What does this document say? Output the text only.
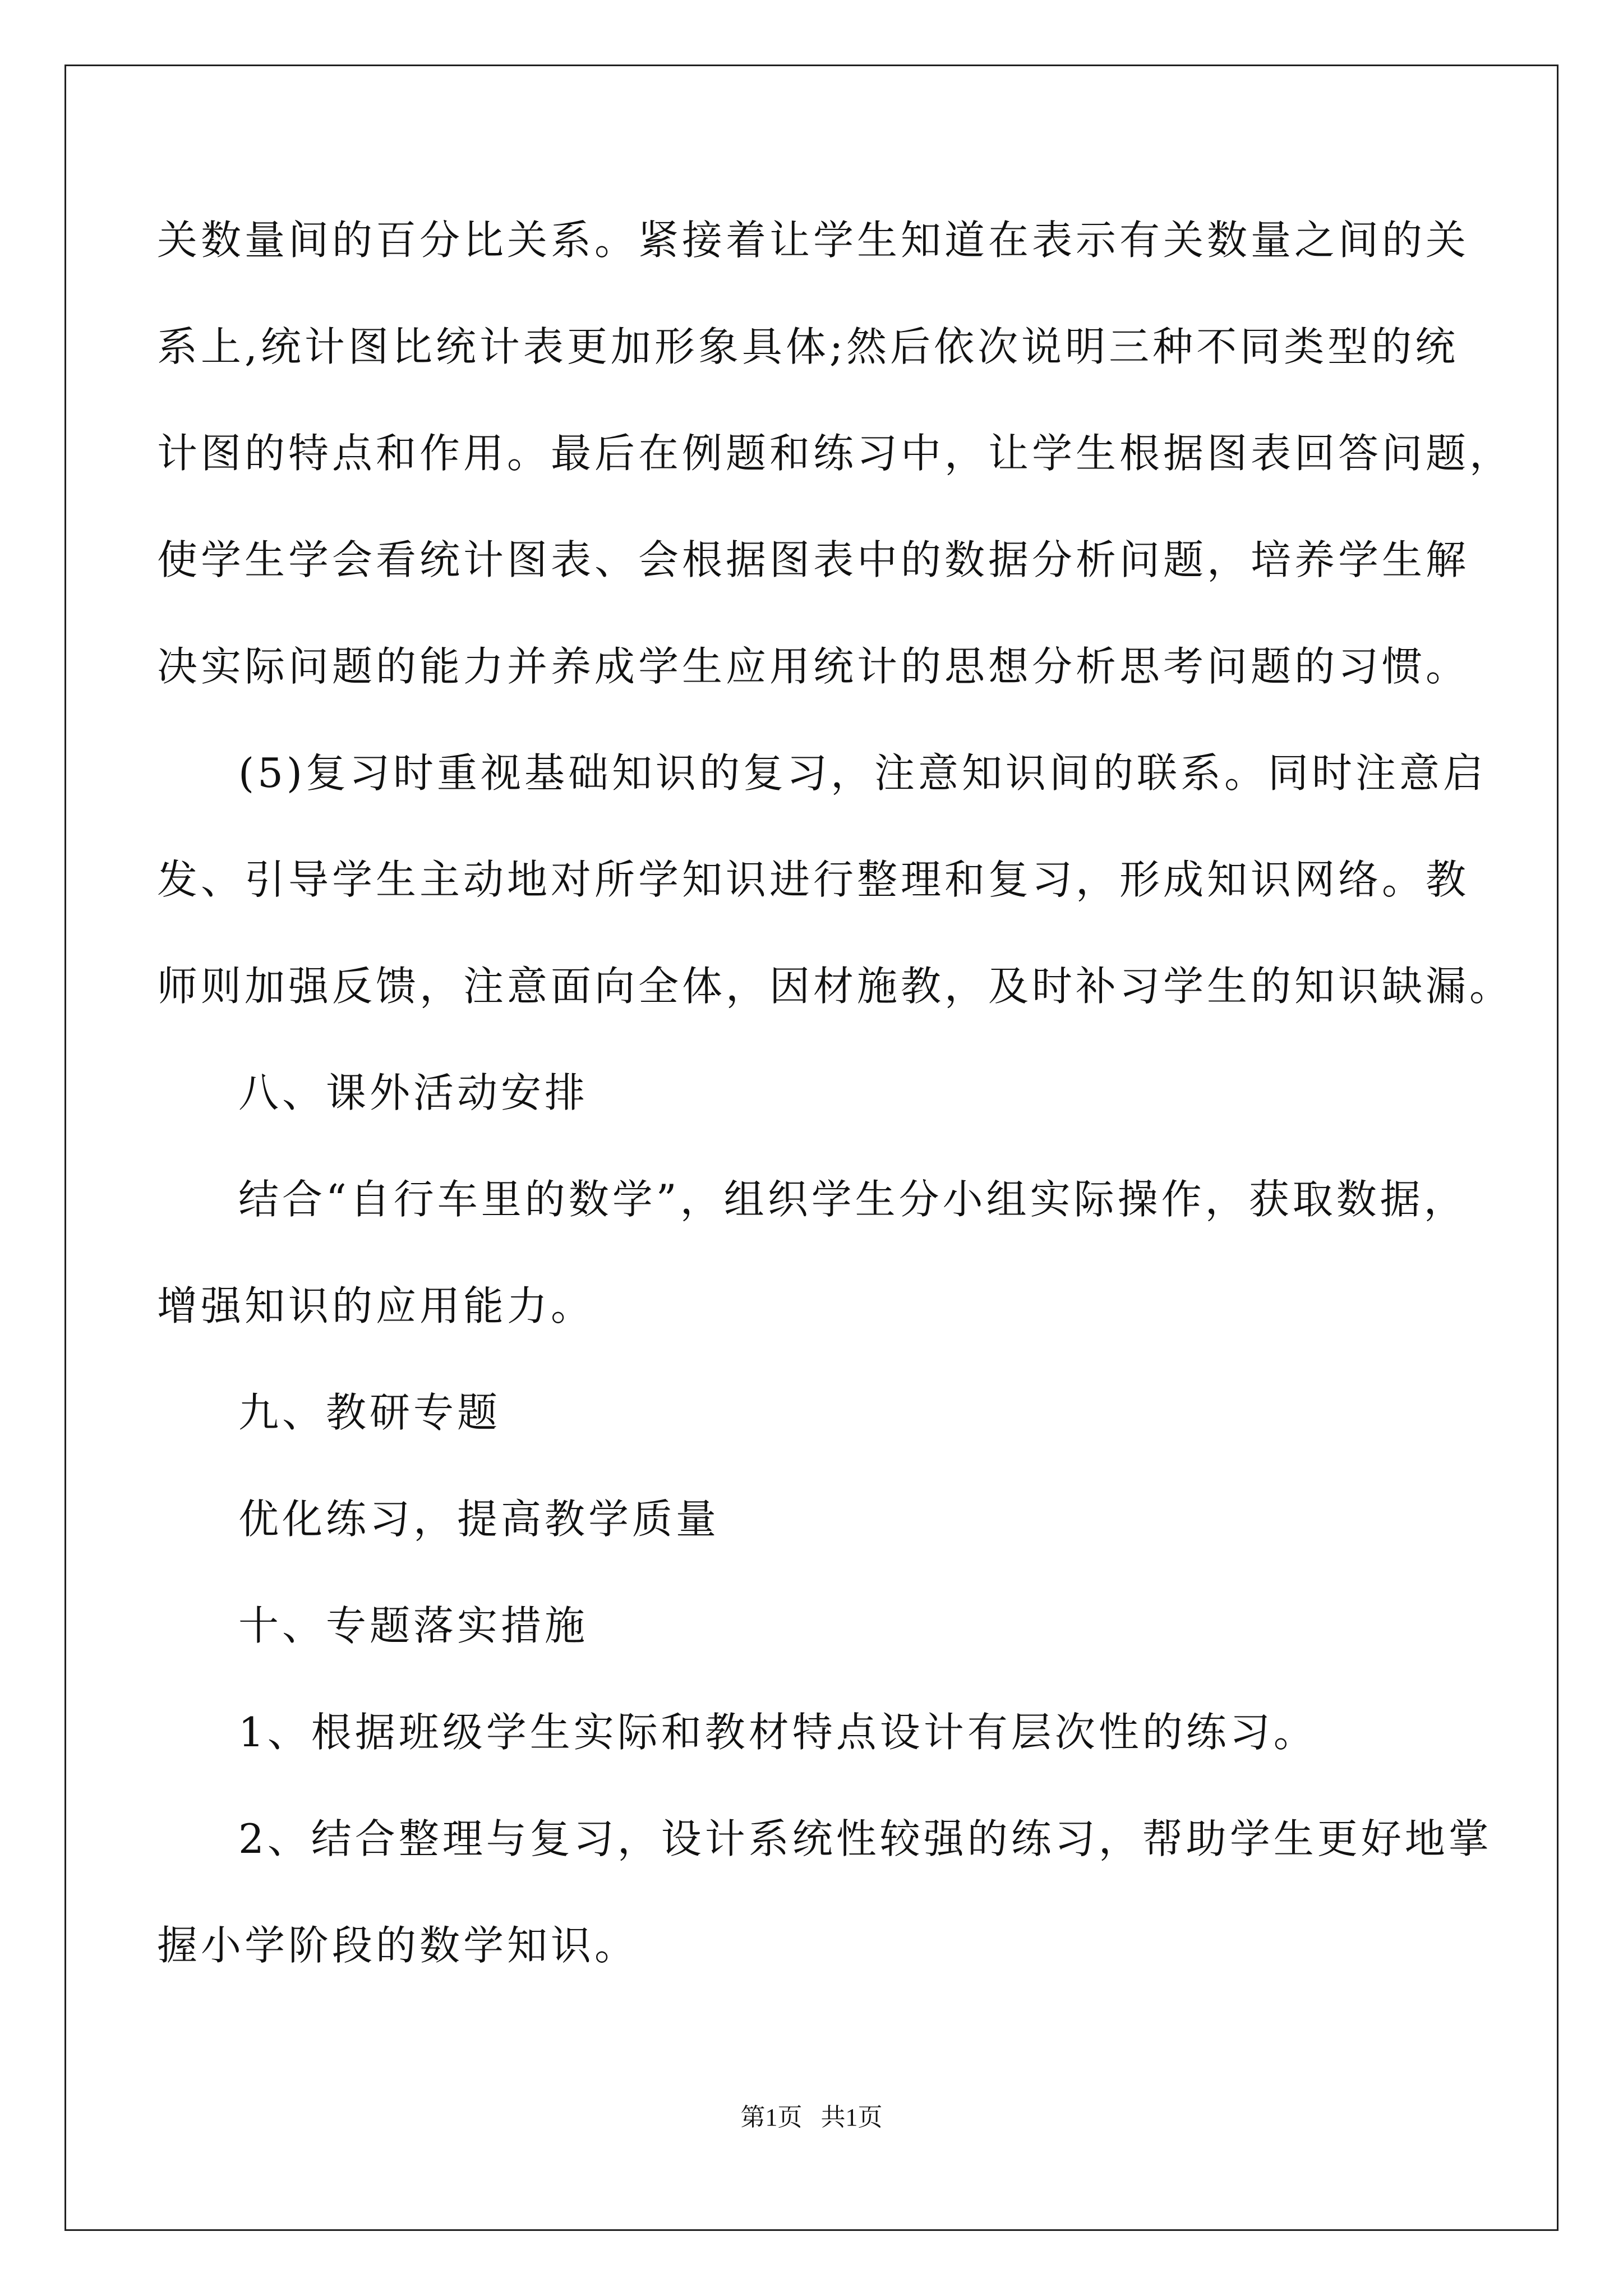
关数量间的百分比关系。紧接着让学生知道在表示有关数量之间的关
系上,统计图比统计表更加形象具体;然后依次说明三种不同类型的统
计图的特点和作用。最后在例题和练习中，让学生根据图表回答问题，
使学生学会看统计图表、会根据图表中的数据分析问题，培养学生解
决实际问题的能力并养成学生应用统计的思想分析思考问题的习惯。
(5)复习时重视基础知识的复习，注意知识间的联系。同时注意启
发、引导学生主动地对所学知识进行整理和复习，形成知识网络。教
师则加强反馈，注意面向全体，因材施教，及时补习学生的知识缺漏。
八、课外活动安排
结合“自行车里的数学”，组织学生分小组实际操作，获取数据，
增强知识的应用能力。
九、教研专题
优化练习，提高教学质量
十、专题落实措施
1、根据班级学生实际和教材特点设计有层次性的练习。
2、结合整理与复习，设计系统性较强的练习，帮助学生更好地掌
握小学阶段的数学知识。
第1页 共1页
